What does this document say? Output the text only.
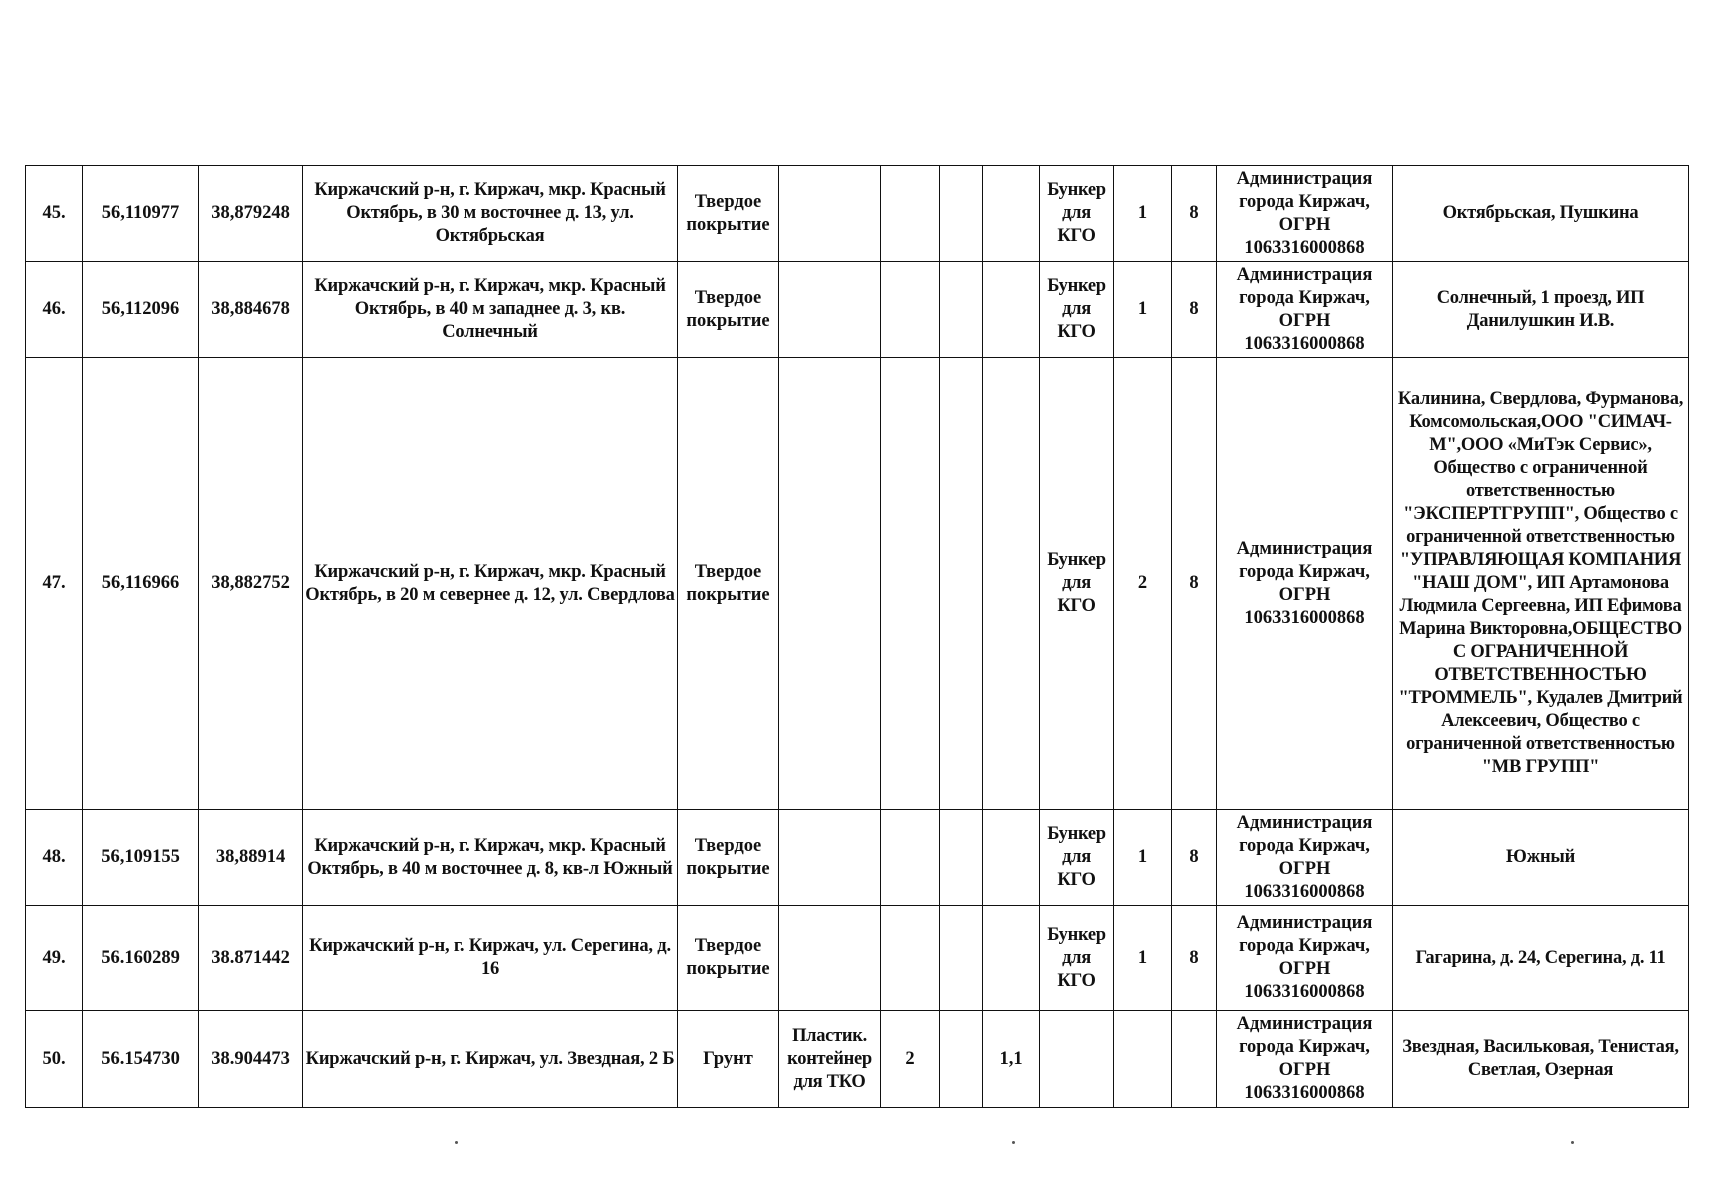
45.	56,110977	38,879248	Киржачский р-н, г. Киржач, мкр. Красный Октябрь, в 30 м восточнее д. 13, ул. Октябрьская	Твердое покрытие					Бункер для КГО	1	8	Администрация города Киржач, ОГРН 1063316000868	Октябрьская, Пушкина
46.	56,112096	38,884678	Киржачский р-н, г. Киржач, мкр. Красный Октябрь, в 40 м западнее д. 3, кв. Солнечный	Твердое покрытие					Бункер для КГО	1	8	Администрация города Киржач, ОГРН 1063316000868	Солнечный, 1 проезд, ИП Данилушкин И.В.
47.	56,116966	38,882752	Киржачский р-н, г. Киржач, мкр. Красный Октябрь, в 20 м севернее д. 12, ул. Свердлова	Твердое покрытие					Бункер для КГО	2	8	Администрация города Киржач, ОГРН 1063316000868	Калинина, Свердлова, Фурманова, Комсомольская,ООО "СИМАЧ-М",ООО «МиТэк Сервис», Общество с ограниченной ответственностью "ЭКСПЕРТГРУПП", Общество с ограниченной ответственностью "УПРАВЛЯЮЩАЯ КОМПАНИЯ "НАШ ДОМ", ИП Артамонова Людмила Сергеевна, ИП Ефимова Марина Викторовна,ОБЩЕСТВО С ОГРАНИЧЕННОЙ ОТВЕТСТВЕННОСТЬЮ "ТРОММЕЛЬ", Кудалев Дмитрий Алексеевич, Общество с ограниченной ответственностью "МВ ГРУПП"
48.	56,109155	38,88914	Киржачский р-н, г. Киржач, мкр. Красный Октябрь, в 40 м восточнее д. 8, кв-л Южный	Твердое покрытие					Бункер для КГО	1	8	Администрация города Киржач, ОГРН 1063316000868	Южный
49.	56.160289	38.871442	Киржачский р-н, г. Киржач, ул. Серегина, д. 16	Твердое покрытие					Бункер для КГО	1	8	Администрация города Киржач, ОГРН 1063316000868	Гагарина, д. 24, Серегина, д. 11
50.	56.154730	38.904473	Киржачский р-н, г. Киржач, ул. Звездная, 2 Б	Грунт	Пластик. контейнер для ТКО	2		1,1				Администрация города Киржач, ОГРН 1063316000868	Звездная, Васильковая, Тенистая, Светлая, Озерная
